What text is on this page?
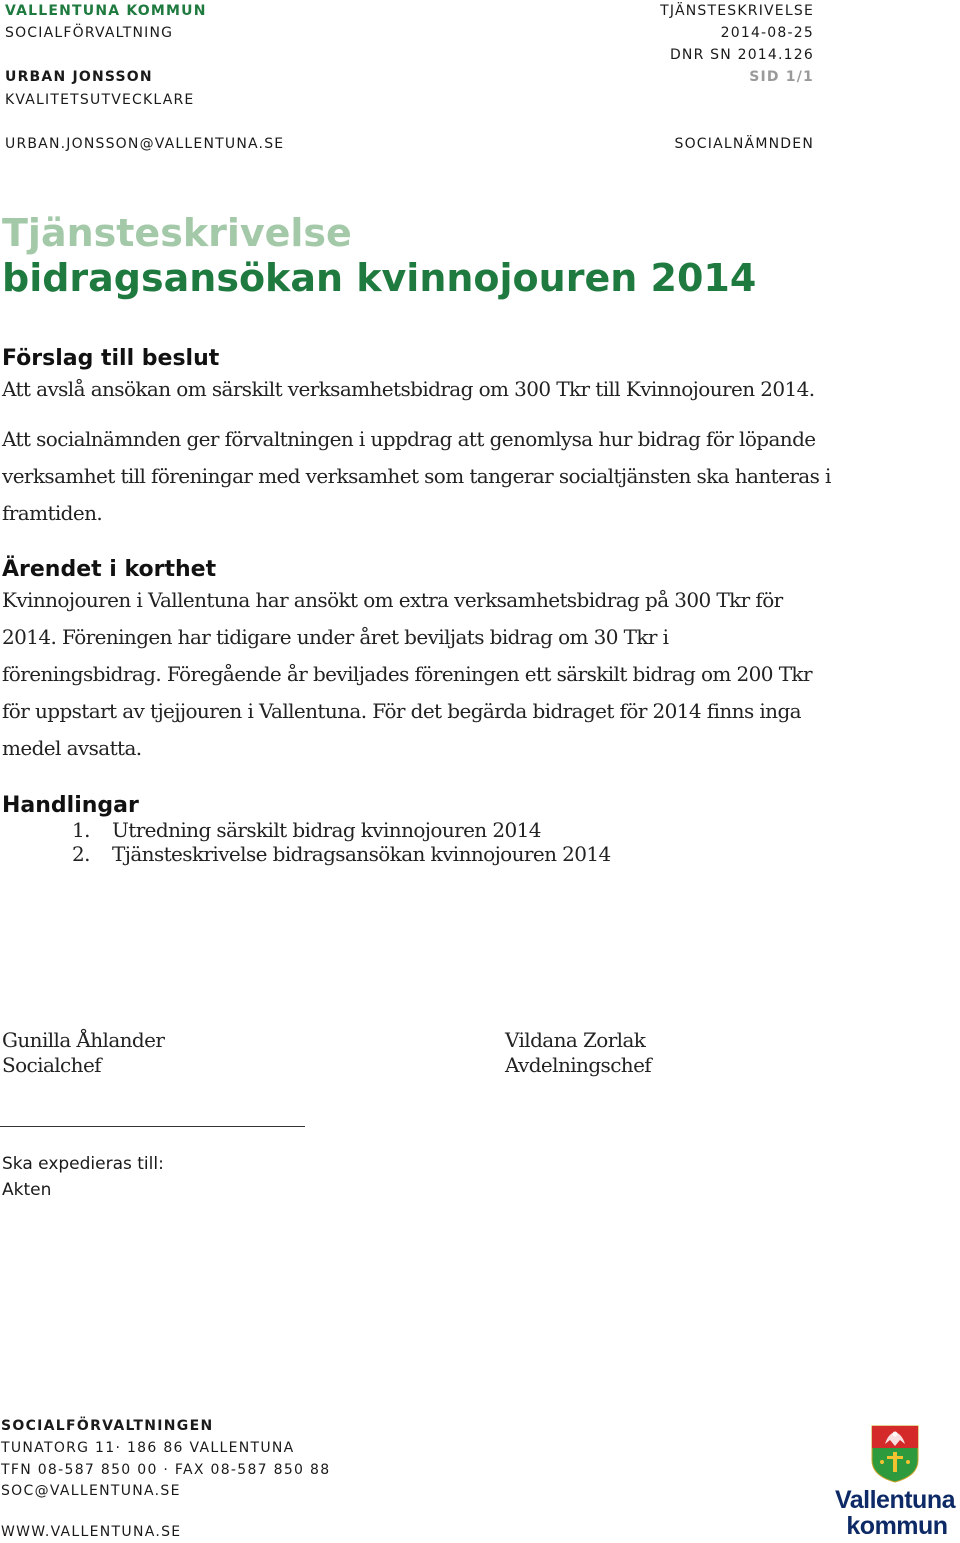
VALLENTUNA KOMMUN
SOCIALFÖRVALTNING
URBAN JONSSON
KVALITETSUTVECKLARE
URBAN.JONSSON@VALLENTUNA.SE
TJÄNSTESKRIVELSE
2014-08-25
DNR SN 2014.126
SID 1/1
SOCIALNÄMNDEN
Tjänsteskrivelse
bidragsansökan kvinnojouren 2014
Förslag till beslut
Att avslå ansökan om särskilt verksamhetsbidrag om 300 Tkr till Kvinnojouren 2014.
Att socialnämnden ger förvaltningen i uppdrag att genomlysa hur bidrag för löpande verksamhet till föreningar med verksamhet som tangerar socialtjänsten ska hanteras i framtiden.
Ärendet i korthet
Kvinnojouren i Vallentuna har ansökt om extra verksamhetsbidrag på 300 Tkr för 2014. Föreningen har tidigare under året beviljats bidrag om 30 Tkr i föreningsbidrag. Föregående år beviljades föreningen ett särskilt bidrag om 200 Tkr för uppstart av tjejjouren i Vallentuna. För det begärda bidraget för 2014 finns inga medel avsatta.
Handlingar
1. Utredning särskilt bidrag kvinnojouren 2014
2. Tjänsteskrivelse bidragsansökan kvinnojouren 2014
Gunilla Åhlander
Socialchef
Vildana Zorlak
Avdelningschef
Ska expedieras till:
Akten
SOCIALFÖRVALTNINGEN
TUNATORG 11· 186 86 VALLENTUNA
TFN 08-587 850 00 · FAX 08-587 850 88
SOC@VALLENTUNA.SE
WWW.VALLENTUNA.SE
Vallentuna
kommun
